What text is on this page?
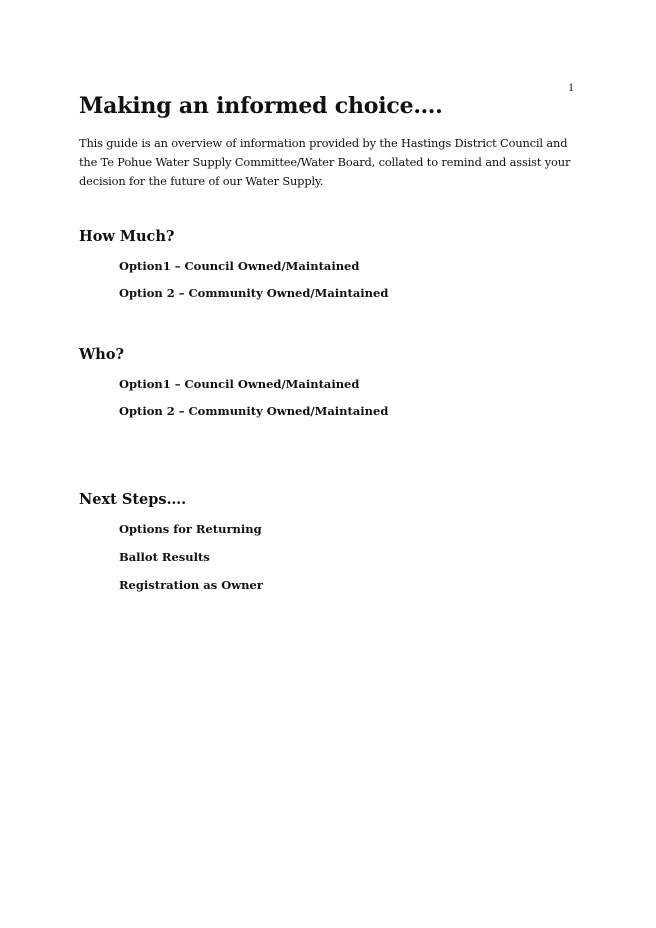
1
Making an informed choice….

This guide is an overview of information provided by the Hastings District Council and the Te Pohue Water Supply Committee/Water Board, collated to remind and assist your decision for the future of our Water Supply.

How Much?
Option1 – Council Owned/Maintained
Option 2 – Community Owned/Maintained
Who?
Option1 – Council Owned/Maintained
Option 2 – Community Owned/Maintained
Next Steps….
Options for Returning
Ballot Results
Registration as Owner
